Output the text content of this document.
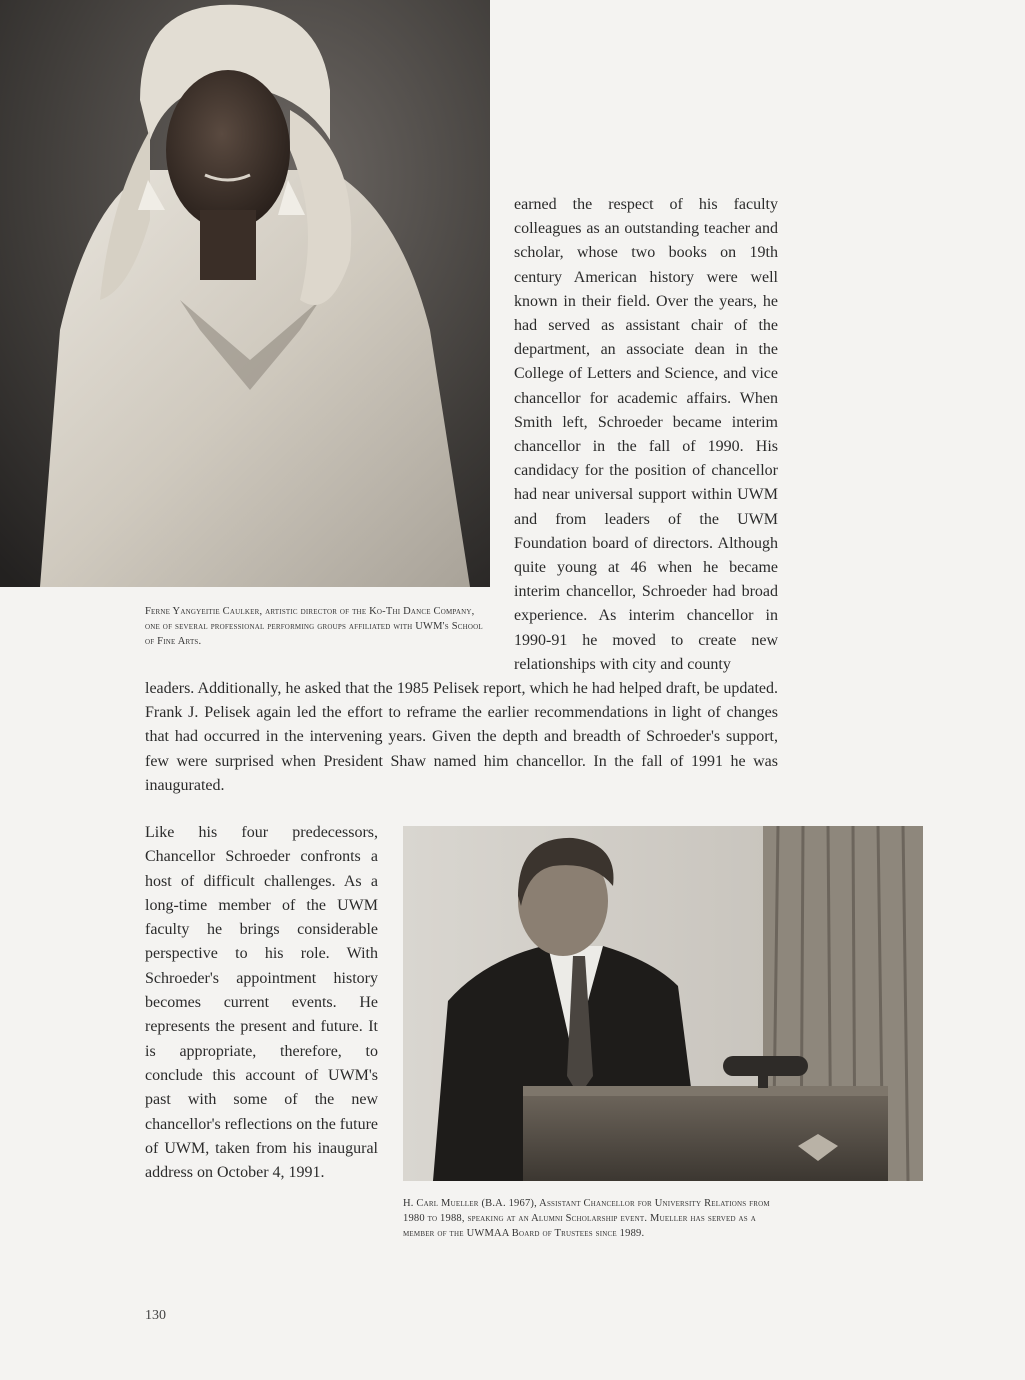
Ferne Yangyeitie Caulker, artistic director of the Ko-Thi Dance Company, one of several professional performing groups affiliated with UWM's School of Fine Arts.

earned the respect of his faculty colleagues as an outstanding teacher and scholar, whose two books on 19th century American history were well known in their field. Over the years, he had served as assistant chair of the department, an associate dean in the College of Letters and Science, and vice chancellor for academic affairs. When Smith left, Schroeder became interim chancellor in the fall of 1990. His candidacy for the position of chancellor had near universal support within UWM and from leaders of the UWM Foundation board of directors. Although quite young at 46 when he became interim chancellor, Schroeder had broad experience. As interim chancellor in 1990-91 he moved to create new relationships with city and county

leaders. Additionally, he asked that the 1985 Pelisek report, which he had helped draft, be updated. Frank J. Pelisek again led the effort to reframe the earlier recommendations in light of changes that had occurred in the intervening years. Given the depth and breadth of Schroeder's support, few were surprised when President Shaw named him chancellor. In the fall of 1991 he was inaugurated.

Like his four predecessors, Chancellor Schroeder confronts a host of difficult challenges. As a long-time member of the UWM faculty he brings considerable perspective to his role. With Schroeder's appointment history becomes current events. He represents the present and future. It is appropriate, therefore, to conclude this account of UWM's past with some of the new chancellor's reflections on the future of UWM, taken from his inaugural address on October 4, 1991.

H. Carl Mueller (B.A. 1967), Assistant Chancellor for University Relations from 1980 to 1988, speaking at an Alumni Scholarship event. Mueller has served as a member of the UWMAA Board of Trustees since 1989.

130
